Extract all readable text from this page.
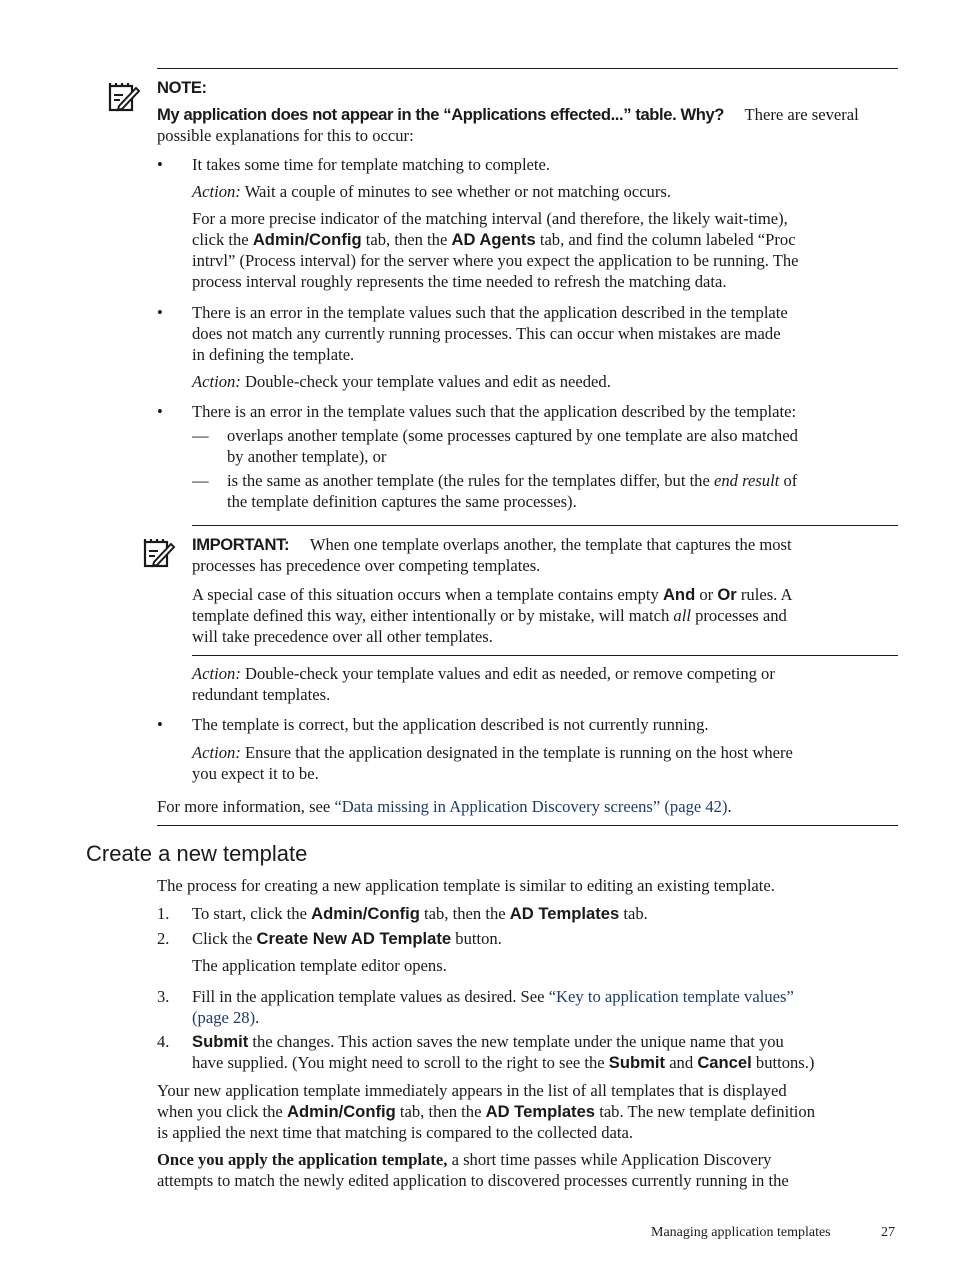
NOTE:
My application does not appear in the “Applications effected...” table. Why? There are several
possible explanations for this to occur:
•	It takes some time for template matching to complete.
Action: Wait a couple of minutes to see whether or not matching occurs.
For a more precise indicator of the matching interval (and therefore, the likely wait-time),
click the Admin/Config tab, then the AD Agents tab, and find the column labeled “Proc
intrvl” (Process interval) for the server where you expect the application to be running. The
process interval roughly represents the time needed to refresh the matching data.
•	There is an error in the template values such that the application described in the template
does not match any currently running processes. This can occur when mistakes are made
in defining the template.
Action: Double-check your template values and edit as needed.
•	There is an error in the template values such that the application described by the template:
— overlaps another template (some processes captured by one template are also matched
by another template), or
— is the same as another template (the rules for the templates differ, but the end result of
the template definition captures the same processes).
IMPORTANT: When one template overlaps another, the template that captures the most
processes has precedence over competing templates.
A special case of this situation occurs when a template contains empty And or Or rules. A
template defined this way, either intentionally or by mistake, will match all processes and
will take precedence over all other templates.
Action: Double-check your template values and edit as needed, or remove competing or
redundant templates.
•	The template is correct, but the application described is not currently running.
Action: Ensure that the application designated in the template is running on the host where
you expect it to be.
For more information, see “Data missing in Application Discovery screens” (page 42).
Create a new template
The process for creating a new application template is similar to editing an existing template.
1.	To start, click the Admin/Config tab, then the AD Templates tab.
2.	Click the Create New AD Template button.
The application template editor opens.
3.	Fill in the application template values as desired. See “Key to application template values”
(page 28).
4.	Submit the changes. This action saves the new template under the unique name that you
have supplied. (You might need to scroll to the right to see the Submit and Cancel buttons.)
Your new application template immediately appears in the list of all templates that is displayed
when you click the Admin/Config tab, then the AD Templates tab. The new template definition
is applied the next time that matching is compared to the collected data.
Once you apply the application template, a short time passes while Application Discovery
attempts to match the newly edited application to discovered processes currently running in the
Managing application templates	27
